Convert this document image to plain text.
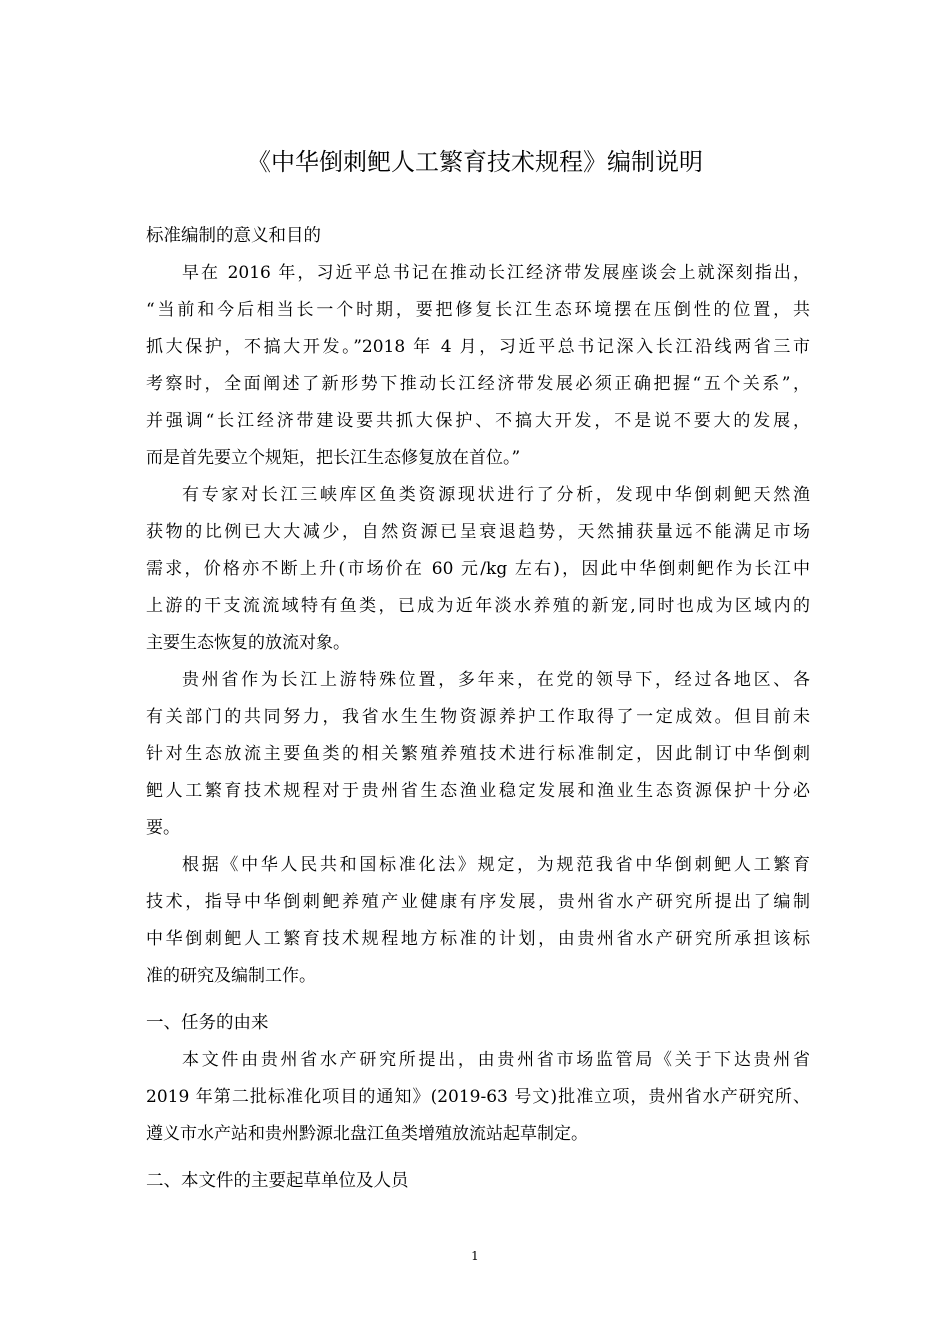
《中华倒刺鲃人工繁育技术规程》编制说明
标准编制的意义和目的
早在 2016 年，习近平总书记在推动长江经济带发展座谈会上就深刻指出，
“当前和今后相当长一个时期，要把修复长江生态环境摆在压倒性的位置，共
抓大保护，不搞大开发。”2018 年 4 月，习近平总书记深入长江沿线两省三市
考察时，全面阐述了新形势下推动长江经济带发展必须正确把握“五个关系”，
并强调“长江经济带建设要共抓大保护、不搞大开发，不是说不要大的发展，
而是首先要立个规矩，把长江生态修复放在首位。”
有专家对长江三峡库区鱼类资源现状进行了分析，发现中华倒刺鲃天然渔
获物的比例已大大减少，自然资源已呈衰退趋势，天然捕获量远不能满足市场
需求，价格亦不断上升(市场价在 60 元/kg 左右)，因此中华倒刺鲃作为长江中
上游的干支流流域特有鱼类，已成为近年淡水养殖的新宠,同时也成为区域内的
主要生态恢复的放流对象。
贵州省作为长江上游特殊位置，多年来，在党的领导下，经过各地区、各
有关部门的共同努力，我省水生生物资源养护工作取得了一定成效。但目前未
针对生态放流主要鱼类的相关繁殖养殖技术进行标准制定，因此制订中华倒刺
鲃人工繁育技术规程对于贵州省生态渔业稳定发展和渔业生态资源保护十分必
要。
根据《中华人民共和国标准化法》规定，为规范我省中华倒刺鲃人工繁育
技术，指导中华倒刺鲃养殖产业健康有序发展，贵州省水产研究所提出了编制
中华倒刺鲃人工繁育技术规程地方标准的计划，由贵州省水产研究所承担该标
准的研究及编制工作。
一、任务的由来
本文件由贵州省水产研究所提出，由贵州省市场监管局《关于下达贵州省
2019 年第二批标准化项目的通知》(2019-63 号文)批准立项，贵州省水产研究所、
遵义市水产站和贵州黔源北盘江鱼类增殖放流站起草制定。
二、本文件的主要起草单位及人员
1
